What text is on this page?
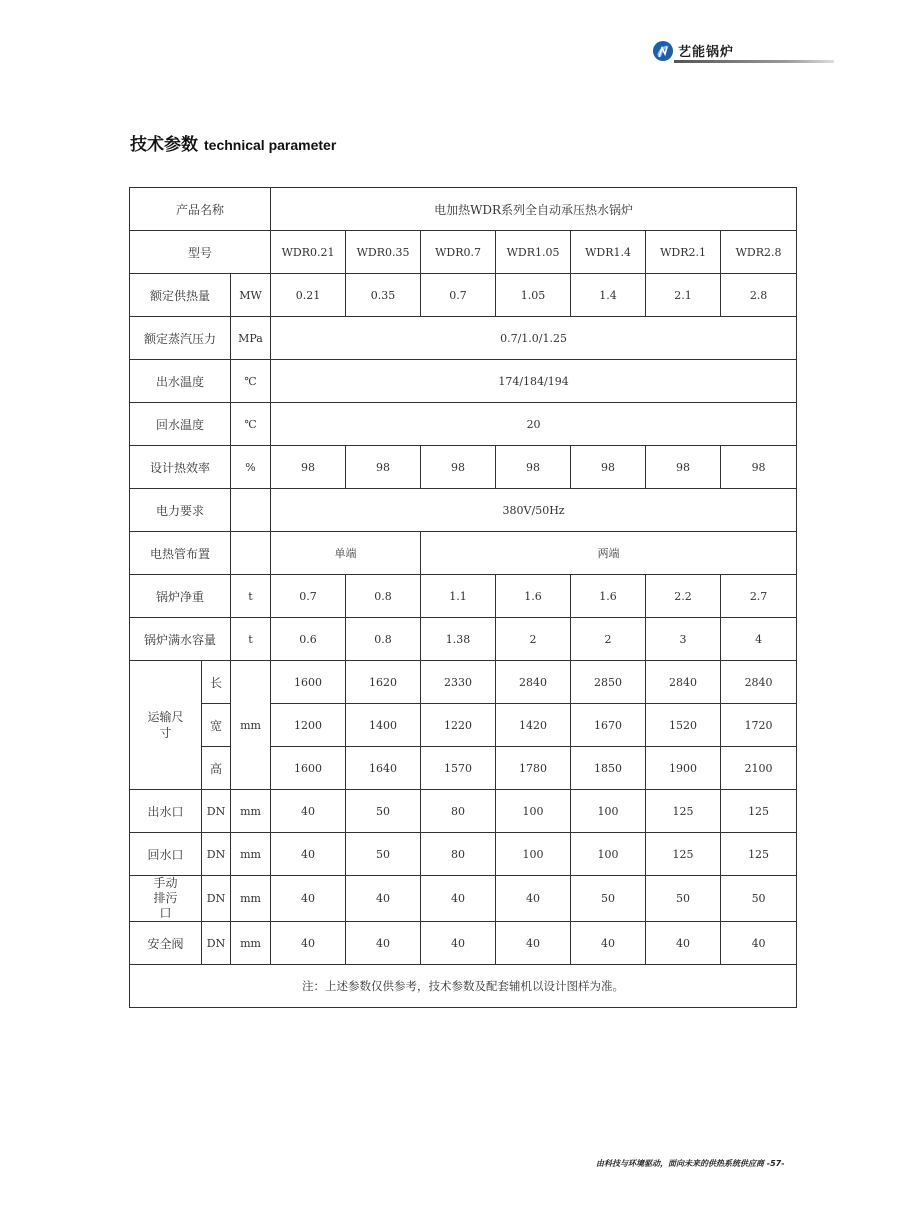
艺能锅炉
技术参数 technical parameter
产品名称			电加热WDR系列全自动承压热水锅炉						
型号			WDR0.21	WDR0.35	WDR0.7	WDR1.05	WDR1.4	WDR2.1	WDR2.8
额定供热量		MW	0.21	0.35	0.7	1.05	1.4	2.1	2.8
额定蒸汽压力		MPa	0.7/1.0/1.25						
出水温度		℃	174/184/194						
回水温度		℃	20						
设计热效率		%	98	98	98	98	98	98	98
电力要求			380V/50Hz						
电热管布置			单端		两端				
锅炉净重		t	0.7	0.8	1.1	1.6	1.6	2.2	2.7
锅炉满水容量		t	0.6	0.8	1.38	2	2	3	4
运输尺寸	长	mm	1600	1620	2330	2840	2850	2840	2840
	宽		1200	1400	1220	1420	1670	1520	1720
	高		1600	1640	1570	1780	1850	1900	2100
出水口	DN	mm	40	50	80	100	100	125	125
回水口	DN	mm	40	50	80	100	100	125	125
手动排污口	DN	mm	40	40	40	40	50	50	50
安全阀	DN	mm	40	40	40	40	40	40	40
注：上述参数仅供参考，技术参数及配套辅机以设计图样为准。									
由科技与环境驱动，面向未来的供热系统供应商 -57-
